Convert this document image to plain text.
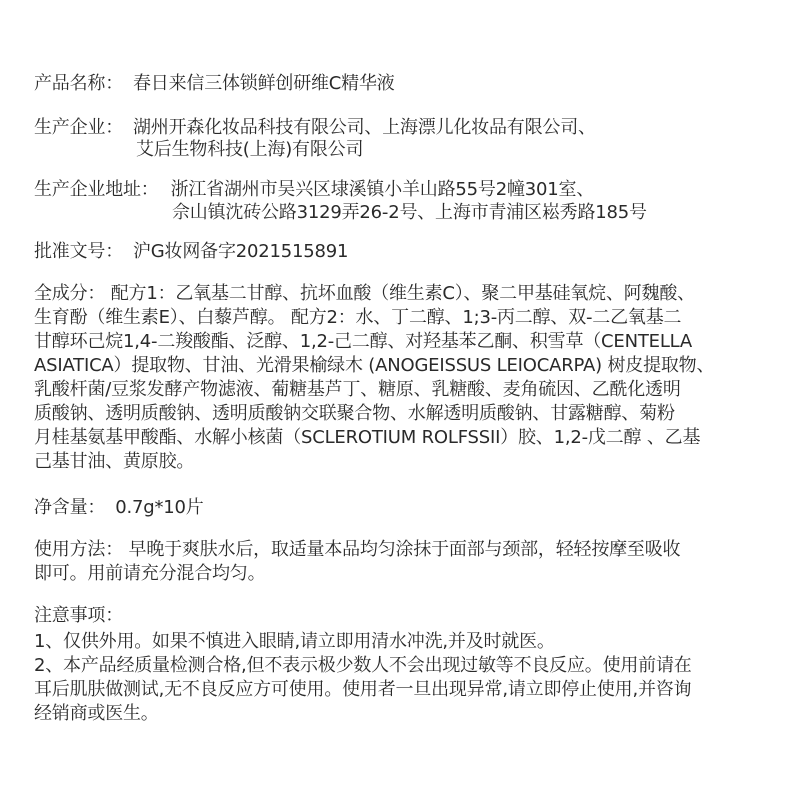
产品名称： 春日来信三体锁鲜创研维C精华液
生产企业： 湖州开森化妆品科技有限公司、上海漂儿化妆品有限公司、
艾后生物科技(上海)有限公司
生产企业地址： 浙江省湖州市吴兴区埭溪镇小羊山路55号2幢301室、
佘山镇沈砖公路3129弄26-2号、上海市青浦区崧秀路185号
批准文号： 沪G妆网备字2021515891
全成分： 配方1：乙氧基二甘醇、抗坏血酸（维生素C）、聚二甲基硅氧烷、阿魏酸、
生育酚（维生素E）、白藜芦醇。 配方2：水、丁二醇、1;3-丙二醇、双-二乙氧基二
甘醇环己烷1,4-二羧酸酯、泛醇、1,2-己二醇、对羟基苯乙酮、积雪草（CENTELLA
ASIATICA）提取物、甘油、光滑果榆绿木 (ANOGEISSUS LEIOCARPA) 树皮提取物、
乳酸杆菌/豆浆发酵产物滤液、葡糖基芦丁、糖原、乳糖酸、麦角硫因、乙酰化透明
质酸钠、透明质酸钠、透明质酸钠交联聚合物、水解透明质酸钠、甘露糖醇、菊粉
月桂基氨基甲酸酯、水解小核菌（SCLEROTIUM ROLFSSII）胶、1,2-戊二醇 、乙基
己基甘油、黄原胶。
净含量： 0.7g*10片
使用方法： 早晚于爽肤水后，取适量本品均匀涂抹于面部与颈部，轻轻按摩至吸收
即可。用前请充分混合均匀。
注意事项：
1、仅供外用。如果不慎进入眼睛,请立即用清水冲洗,并及时就医。
2、本产品经质量检测合格,但不表示极少数人不会出现过敏等不良反应。使用前请在
耳后肌肤做测试,无不良反应方可使用。使用者一旦出现异常,请立即停止使用,并咨询
经销商或医生。
